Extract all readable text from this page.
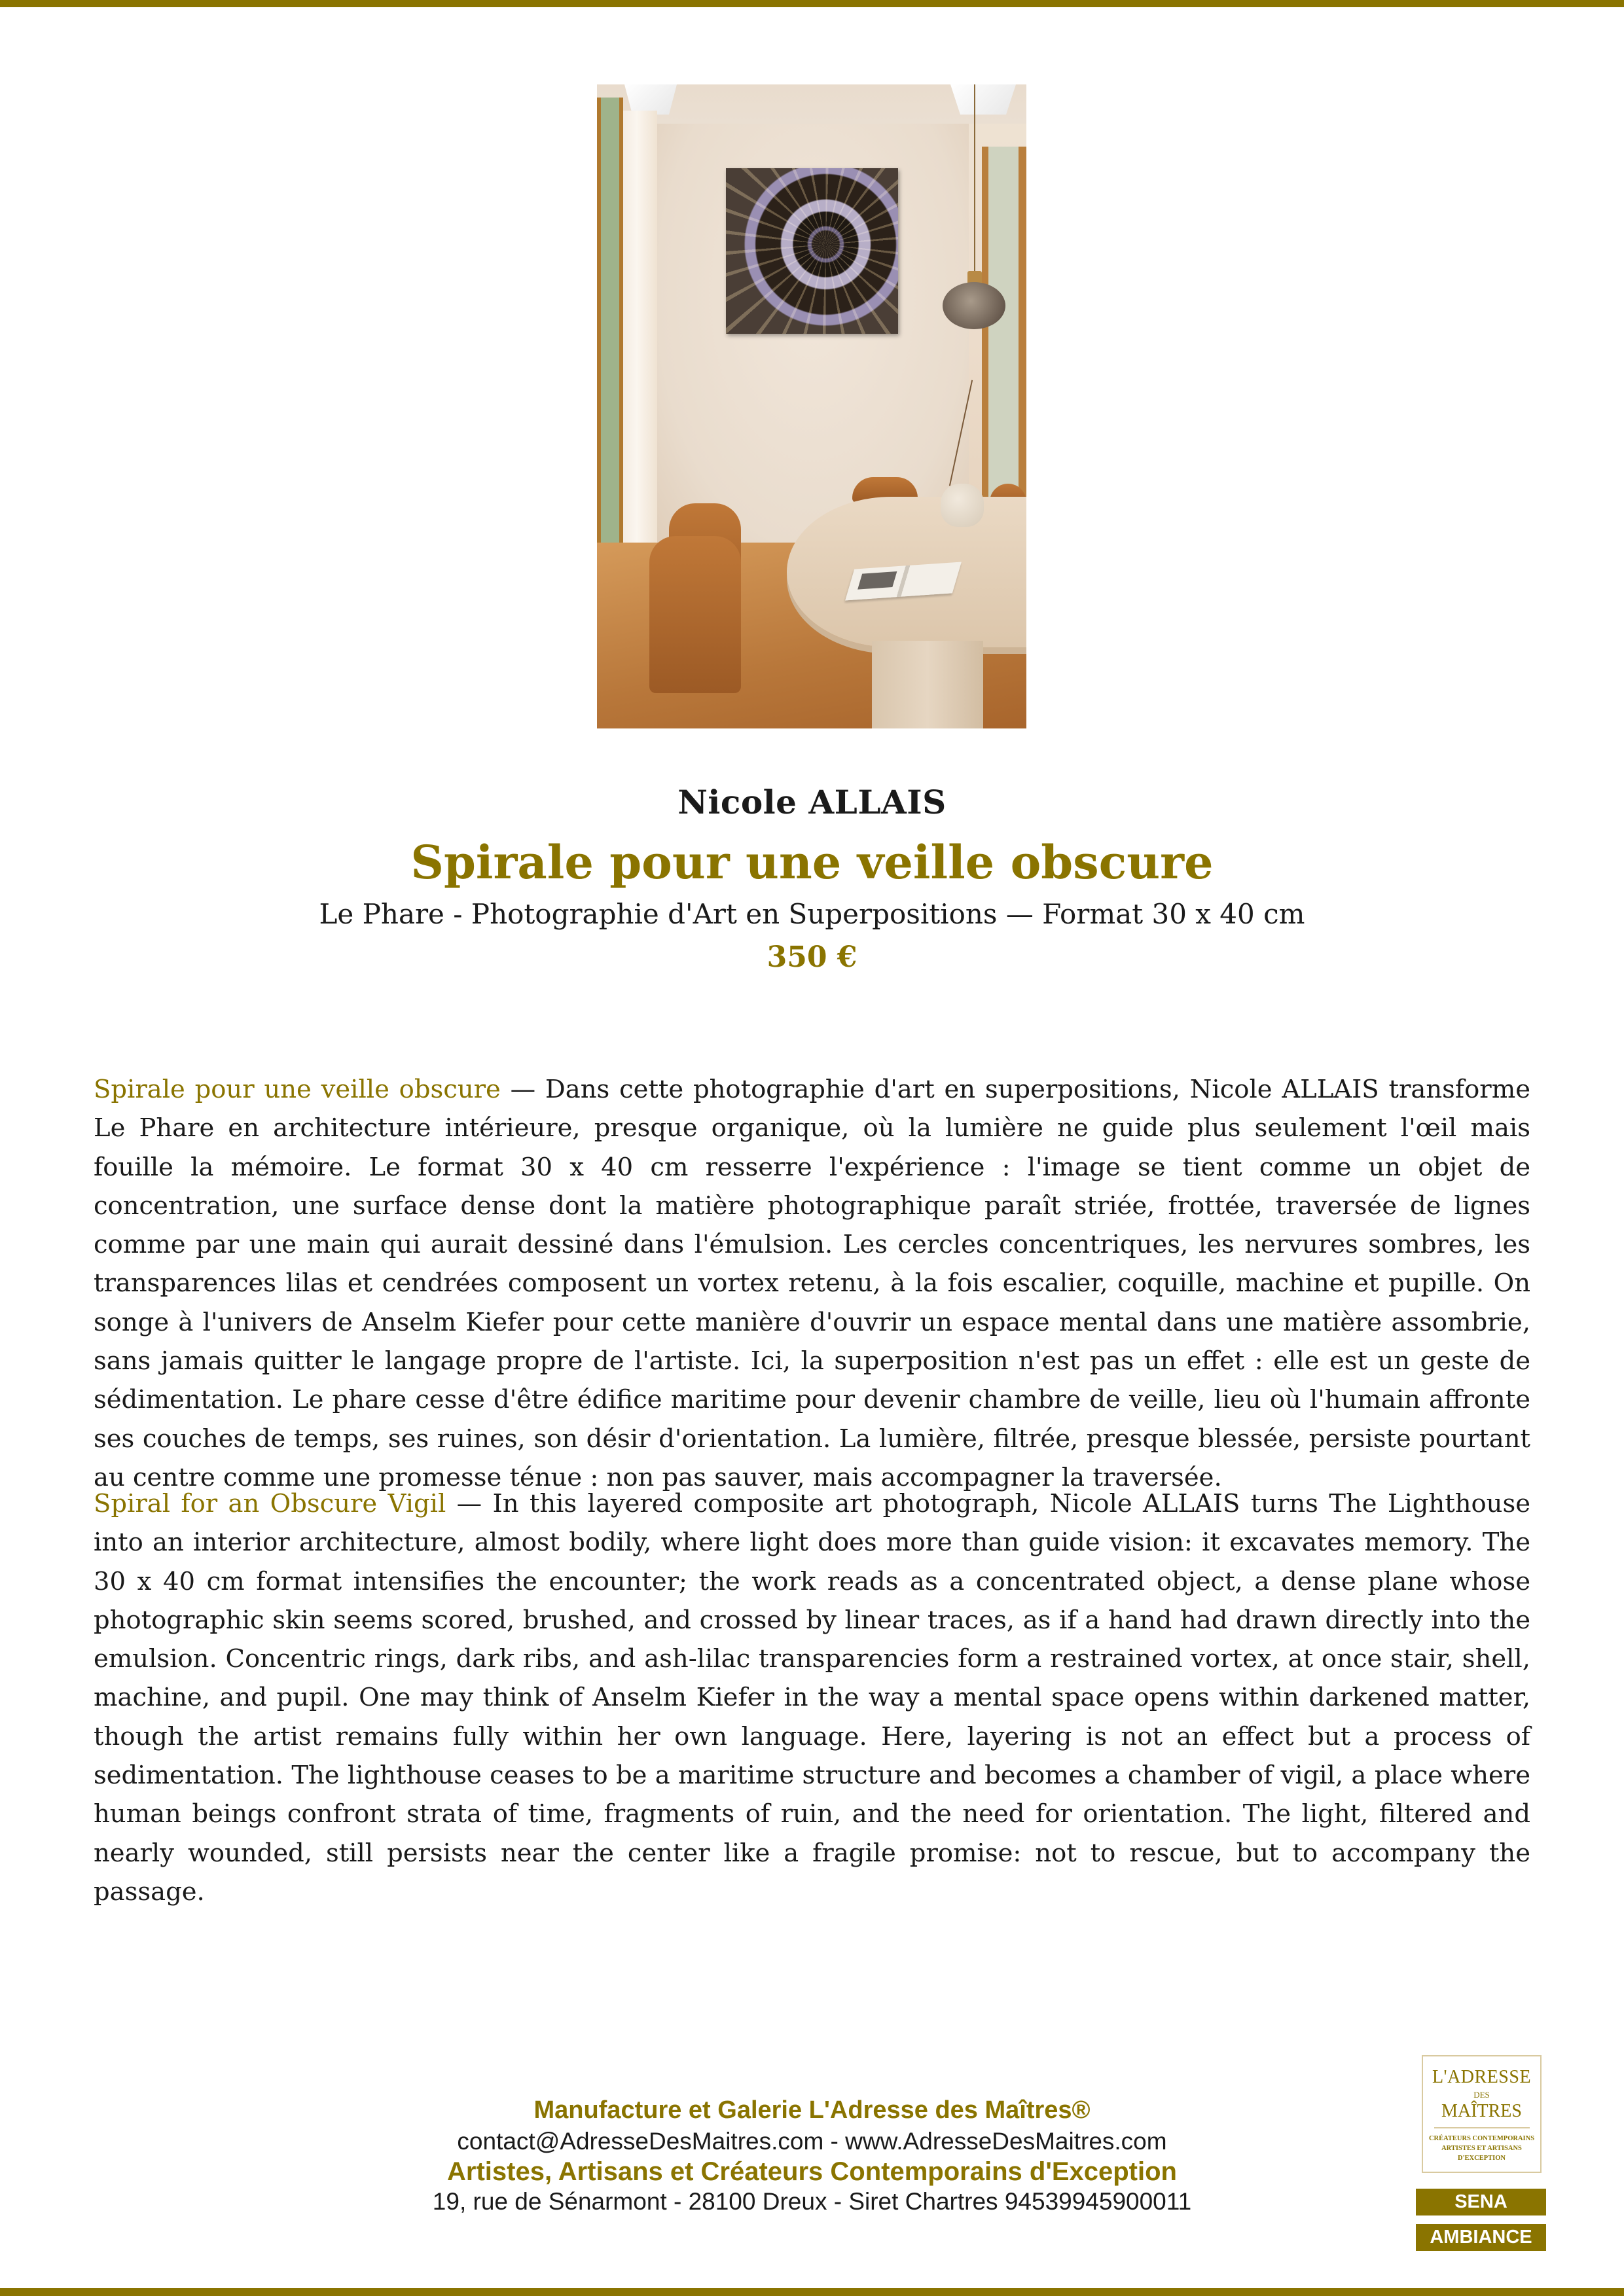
Nicole ALLAIS
Spirale pour une veille obscure
Le Phare - Photographie d'Art en Superpositions — Format 30 x 40 cm
350 €

Spirale pour une veille obscure — Dans cette photographie d'art en superpositions, Nicole ALLAIS transforme Le Phare en architecture intérieure, presque organique, où la lumière ne guide plus seulement l'œil mais fouille la mémoire. Le format 30 x 40 cm resserre l'expérience : l'image se tient comme un objet de concentration, une surface dense dont la matière photographique paraît striée, frottée, traversée de lignes comme par une main qui aurait dessiné dans l'émulsion. Les cercles concentriques, les nervures sombres, les transparences lilas et cendrées composent un vortex retenu, à la fois escalier, coquille, machine et pupille. On songe à l'univers de Anselm Kiefer pour cette manière d'ouvrir un espace mental dans une matière assombrie, sans jamais quitter le langage propre de l'artiste. Ici, la superposition n'est pas un effet : elle est un geste de sédimentation. Le phare cesse d'être édifice maritime pour devenir chambre de veille, lieu où l'humain affronte ses couches de temps, ses ruines, son désir d'orientation. La lumière, filtrée, presque blessée, persiste pourtant au centre comme une promesse ténue : non pas sauver, mais accompagner la traversée.

Spiral for an Obscure Vigil — In this layered composite art photograph, Nicole ALLAIS turns The Lighthouse into an interior architecture, almost bodily, where light does more than guide vision: it excavates memory. The 30 x 40 cm format intensifies the encounter; the work reads as a concentrated object, a dense plane whose photographic skin seems scored, brushed, and crossed by linear traces, as if a hand had drawn directly into the emulsion. Concentric rings, dark ribs, and ash-lilac transparencies form a restrained vortex, at once stair, shell, machine, and pupil. One may think of Anselm Kiefer in the way a mental space opens within darkened matter, though the artist remains fully within her own language. Here, layering is not an effect but a process of sedimentation. The lighthouse ceases to be a maritime structure and becomes a chamber of vigil, a place where human beings confront strata of time, fragments of ruin, and the need for orientation. The light, filtered and nearly wounded, still persists near the center like a fragile promise: not to rescue, but to accompany the passage.

Manufacture et Galerie L'Adresse des Maîtres®
contact@AdresseDesMaitres.com - www.AdresseDesMaitres.com
Artistes, Artisans et Créateurs Contemporains d'Exception
19, rue de Sénarmont - 28100 Dreux - Siret Chartres 94539945900011
L'ADRESSE
DES
MAÎTRES
CRÉATEURS CONTEMPORAINS
ARTISTES ET ARTISANS
D'EXCEPTION
SENA
AMBIANCE
